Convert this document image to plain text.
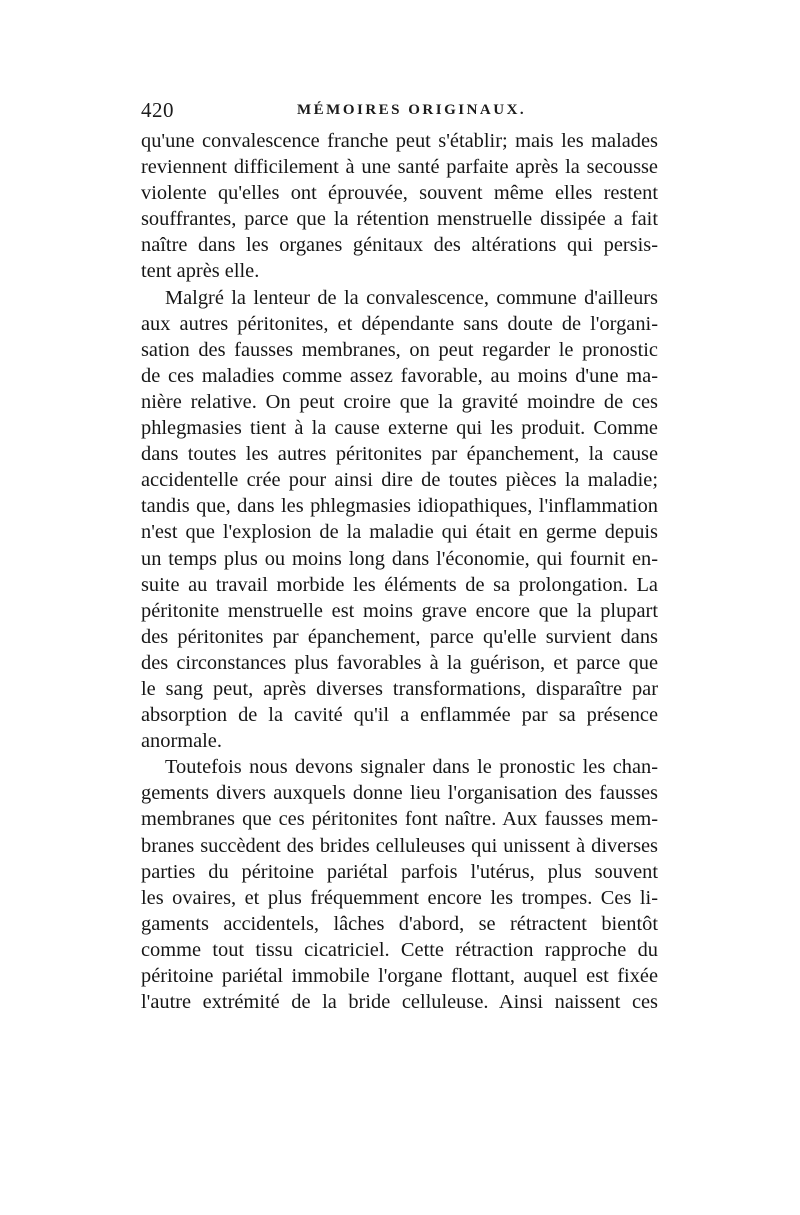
420	MÉMOIRES ORIGINAUX.
qu'une convalescence franche peut s'établir; mais les malades
reviennent difficilement à une santé parfaite après la secousse
violente qu'elles ont éprouvée, souvent même elles restent
souffrantes, parce que la rétention menstruelle dissipée a fait
naître dans les organes génitaux des altérations qui persis-
tent après elle.
Malgré la lenteur de la convalescence, commune d'ailleurs
aux autres péritonites, et dépendante sans doute de l'organi-
sation des fausses membranes, on peut regarder le pronostic
de ces maladies comme assez favorable, au moins d'une ma-
nière relative. On peut croire que la gravité moindre de ces
phlegmasies tient à la cause externe qui les produit. Comme
dans toutes les autres péritonites par épanchement, la cause
accidentelle crée pour ainsi dire de toutes pièces la maladie;
tandis que, dans les phlegmasies idiopathiques, l'inflammation
n'est que l'explosion de la maladie qui était en germe depuis
un temps plus ou moins long dans l'économie, qui fournit en-
suite au travail morbide les éléments de sa prolongation. La
péritonite menstruelle est moins grave encore que la plupart
des péritonites par épanchement, parce qu'elle survient dans
des circonstances plus favorables à la guérison, et parce que
le sang peut, après diverses transformations, disparaître par
absorption de la cavité qu'il a enflammée par sa présence
anormale.
Toutefois nous devons signaler dans le pronostic les chan-
gements divers auxquels donne lieu l'organisation des fausses
membranes que ces péritonites font naître. Aux fausses mem-
branes succèdent des brides celluleuses qui unissent à diverses
parties du péritoine pariétal parfois l'utérus, plus souvent
les ovaires, et plus fréquemment encore les trompes. Ces li-
gaments accidentels, lâches d'abord, se rétractent bientôt
comme tout tissu cicatriciel. Cette rétraction rapproche du
péritoine pariétal immobile l'organe flottant, auquel est fixée
l'autre extrémité de la bride celluleuse. Ainsi naissent ces
